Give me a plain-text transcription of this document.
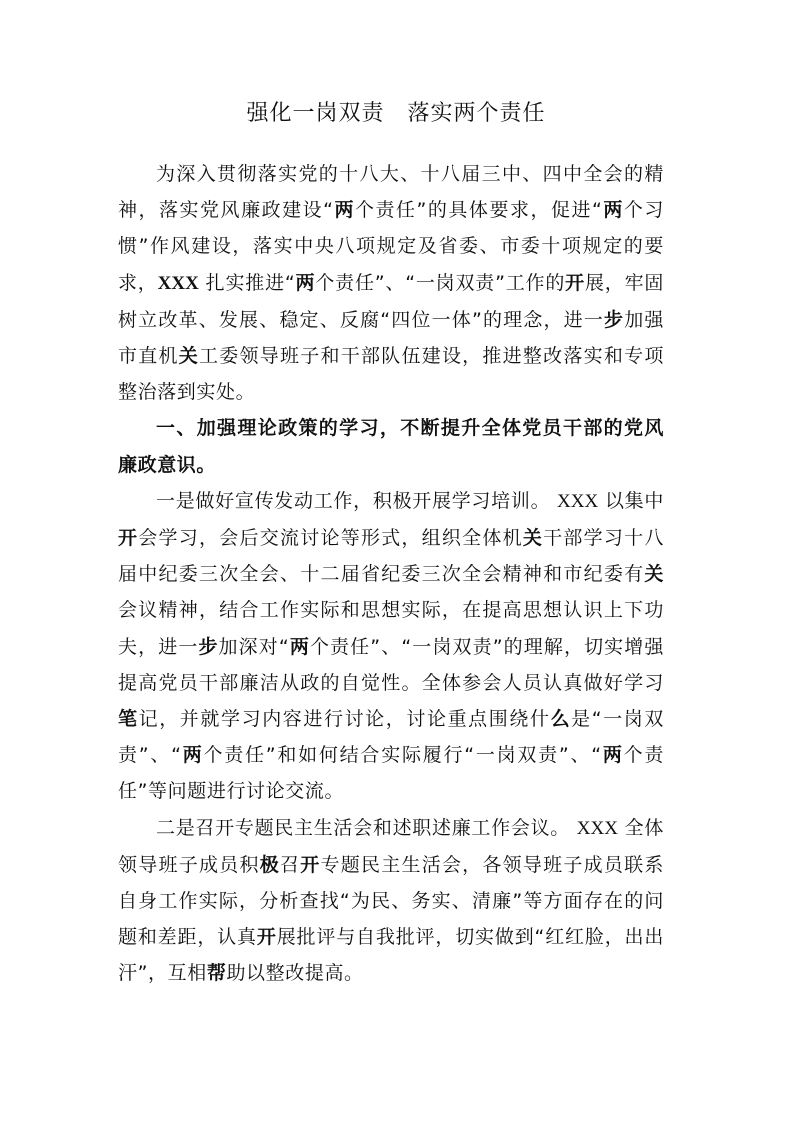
强化一岗双责　落实两个责任

为深入贯彻落实党的十八大、十八届三中、四中全会的精神，落实党风廉政建设“两个责任”的具体要求，促进“两个习惯”作风建设，落实中央八项规定及省委、市委十项规定的要求，XXX 扎实推进“两个责任”、“一岗双责”工作的开展，牢固树立改革、发展、稳定、反腐“四位一体”的理念，进一步加强市直机关工委领导班子和干部队伍建设，推进整改落实和专项整治落到实处。

一、加强理论政策的学习，不断提升全体党员干部的党风廉政意识。

一是做好宣传发动工作，积极开展学习培训。 XXX 以集中开会学习，会后交流讨论等形式，组织全体机关干部学习十八届中纪委三次全会、十二届省纪委三次全会精神和市纪委有关会议精神，结合工作实际和思想实际，在提高思想认识上下功夫，进一步加深对“两个责任”、“一岗双责”的理解，切实增强提高党员干部廉洁从政的自觉性。全体参会人员认真做好学习笔记，并就学习内容进行讨论，讨论重点围绕什么是“一岗双责”、“两个责任”和如何结合实际履行“一岗双责”、“两个责任”等问题进行讨论交流。

二是召开专题民主生活会和述职述廉工作会议。 XXX 全体领导班子成员积极召开专题民主生活会，各领导班子成员联系自身工作实际，分析查找“为民、务实、清廉”等方面存在的问题和差距，认真开展批评与自我批评，切实做到“红红脸，出出汗”，互相帮助以整改提高。
